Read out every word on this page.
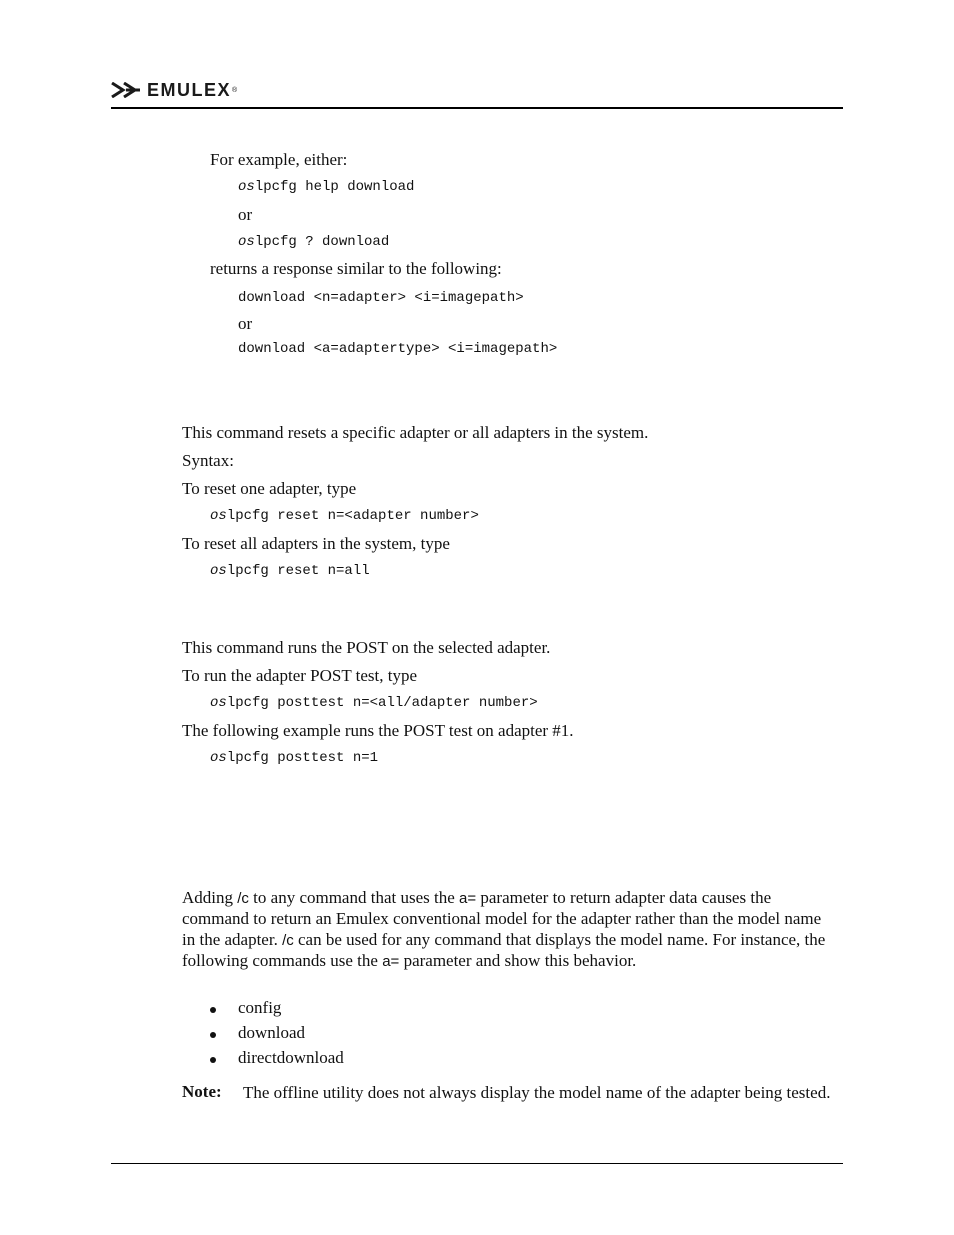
EMULEX ®
For example, either:
oslpcfg help download
or
oslpcfg ? download
returns a response similar to the following:
download <n=adapter> <i=imagepath>
or
download <a=adaptertype> <i=imagepath>
This command resets a specific adapter or all adapters in the system.
Syntax:
To reset one adapter, type
oslpcfg reset n=<adapter number>
To reset all adapters in the system, type
oslpcfg reset n=all
This command runs the POST on the selected adapter.
To run the adapter POST test, type
oslpcfg posttest n=<all/adapter number>
The following example runs the POST test on adapter #1.
oslpcfg posttest n=1
Adding /c to any command that uses the a= parameter to return adapter data causes the command to return an Emulex conventional model for the adapter rather than the model name in the adapter. /c can be used for any command that displays the model name. For instance, the following commands use the a= parameter and show this behavior.
config
download
directdownload
Note: The offline utility does not always display the model name of the adapter being tested.
